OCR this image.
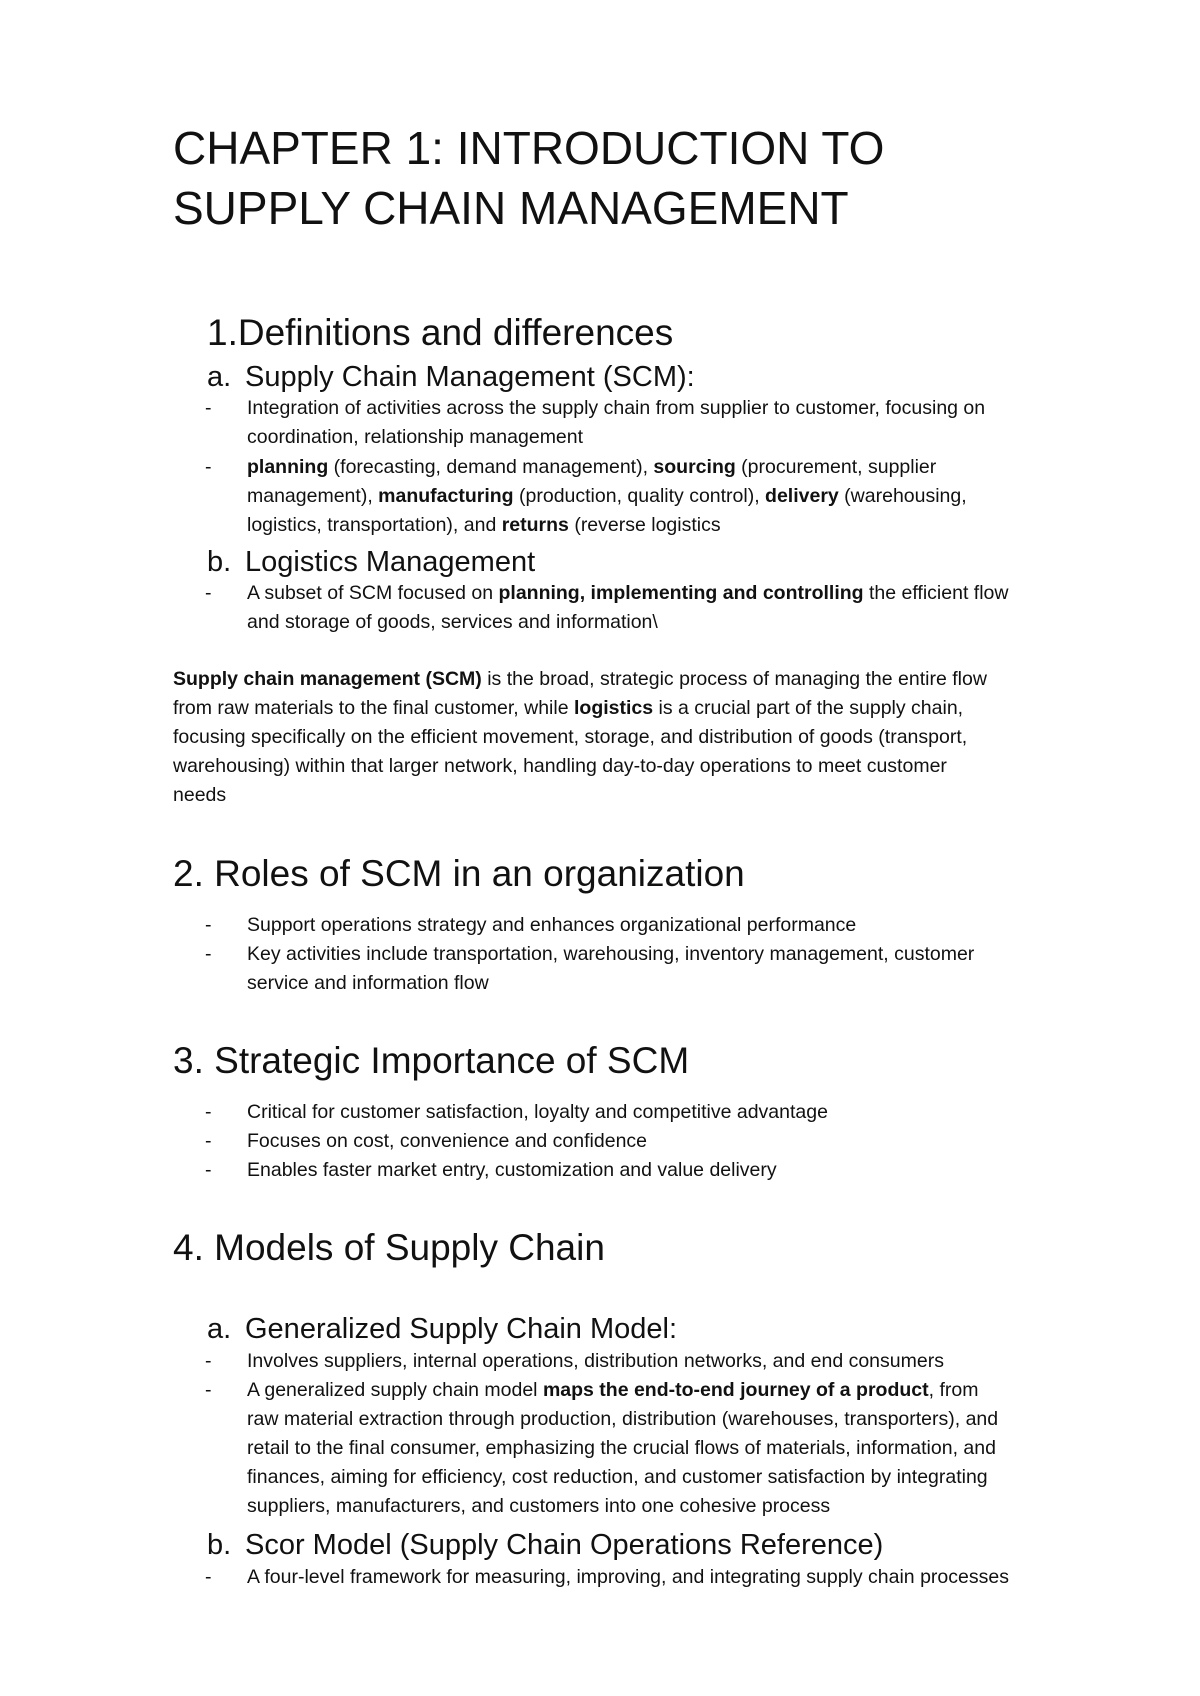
CHAPTER 1: INTRODUCTION TO
SUPPLY CHAIN MANAGEMENT
1.Definitions and differences
a. Supply Chain Management (SCM):
- Integration of activities across the supply chain from supplier to customer, focusing on
coordination, relationship management
- planning (forecasting, demand management), sourcing (procurement, supplier
management), manufacturing (production, quality control), delivery (warehousing,
logistics, transportation), and returns (reverse logistics
b. Logistics Management
- A subset of SCM focused on planning, implementing and controlling the efficient flow
and storage of goods, services and information\
Supply chain management (SCM) is the broad, strategic process of managing the entire flow
from raw materials to the final customer, while logistics is a crucial part of the supply chain,
focusing specifically on the efficient movement, storage, and distribution of goods (transport,
warehousing) within that larger network, handling day-to-day operations to meet customer
needs
2. Roles of SCM in an organization
- Support operations strategy and enhances organizational performance
- Key activities include transportation, warehousing, inventory management, customer
service and information flow
3. Strategic Importance of SCM
- Critical for customer satisfaction, loyalty and competitive advantage
- Focuses on cost, convenience and confidence
- Enables faster market entry, customization and value delivery
4. Models of Supply Chain
a. Generalized Supply Chain Model:
- Involves suppliers, internal operations, distribution networks, and end consumers
- A generalized supply chain model maps the end-to-end journey of a product, from
raw material extraction through production, distribution (warehouses, transporters), and
retail to the final consumer, emphasizing the crucial flows of materials, information, and
finances, aiming for efficiency, cost reduction, and customer satisfaction by integrating
suppliers, manufacturers, and customers into one cohesive process
b. Scor Model (Supply Chain Operations Reference)
- A four-level framework for measuring, improving, and integrating supply chain processes
